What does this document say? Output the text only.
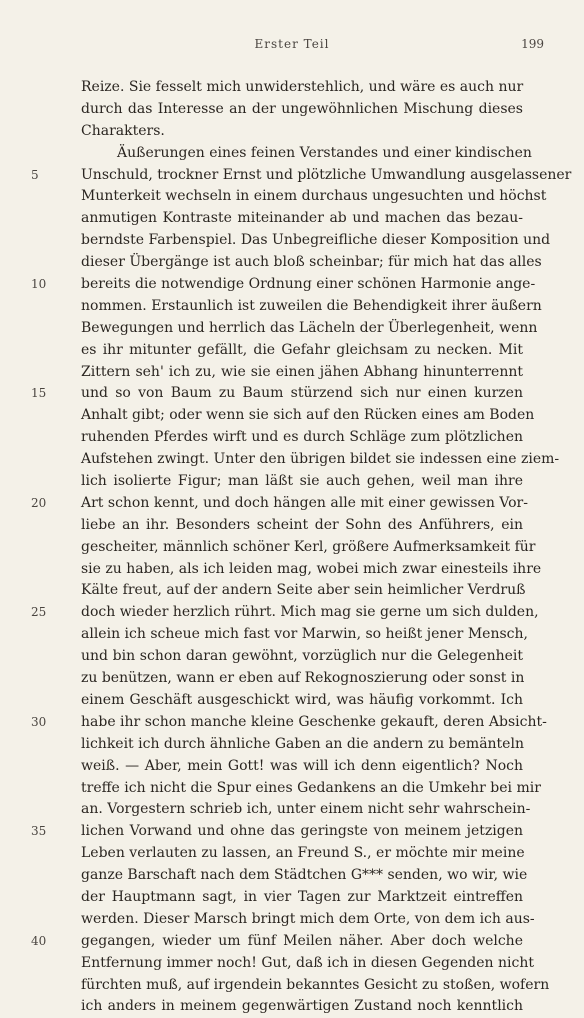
Erster Teil	199
Reize. Sie fesselt mich unwiderstehlich, und wäre es auch nur
durch das Interesse an der ungewöhnlichen Mischung dieses
Charakters.
Äußerungen eines feinen Verstandes und einer kindischen
5	Unschuld, trockner Ernst und plötzliche Umwandlung ausgelassener
Munterkeit wechseln in einem durchaus ungesuchten und höchst
anmutigen Kontraste miteinander ab und machen das bezau-
berndste Farbenspiel. Das Unbegreifliche dieser Komposition und
dieser Übergänge ist auch bloß scheinbar; für mich hat das alles
10 bereits die notwendige Ordnung einer schönen Harmonie ange-
nommen. Erstaunlich ist zuweilen die Behendigkeit ihrer äußern
Bewegungen und herrlich das Lächeln der Überlegenheit, wenn
es ihr mitunter gefällt, die Gefahr gleichsam zu necken. Mit
Zittern seh' ich zu, wie sie einen jähen Abhang hinunterrennt
15 und so von Baum zu Baum stürzend sich nur einen kurzen
Anhalt gibt; oder wenn sie sich auf den Rücken eines am Boden
ruhenden Pferdes wirft und es durch Schläge zum plötzlichen
Aufstehen zwingt. Unter den übrigen bildet sie indessen eine ziem-
lich isolierte Figur; man läßt sie auch gehen, weil man ihre
20 Art schon kennt, und doch hängen alle mit einer gewissen Vor-
liebe an ihr. Besonders scheint der Sohn des Anführers, ein
gescheiter, männlich schöner Kerl, größere Aufmerksamkeit für
sie zu haben, als ich leiden mag, wobei mich zwar einesteils ihre
Kälte freut, auf der andern Seite aber sein heimlicher Verdruß
25 doch wieder herzlich rührt. Mich mag sie gerne um sich dulden,
allein ich scheue mich fast vor Marwin, so heißt jener Mensch,
und bin schon daran gewöhnt, vorzüglich nur die Gelegenheit
zu benützen, wann er eben auf Rekognoszierung oder sonst in
einem Geschäft ausgeschickt wird, was häufig vorkommt. Ich
30 habe ihr schon manche kleine Geschenke gekauft, deren Absicht-
lichkeit ich durch ähnliche Gaben an die andern zu bemänteln
weiß. — Aber, mein Gott! was will ich denn eigentlich? Noch
treffe ich nicht die Spur eines Gedankens an die Umkehr bei mir
an. Vorgestern schrieb ich, unter einem nicht sehr wahrschein-
35 lichen Vorwand und ohne das geringste von meinem jetzigen
Leben verlauten zu lassen, an Freund S., er möchte mir meine
ganze Barschaft nach dem Städtchen G*** senden, wo wir, wie
der Hauptmann sagt, in vier Tagen zur Marktzeit eintreffen
werden. Dieser Marsch bringt mich dem Orte, von dem ich aus-
40 gegangen, wieder um fünf Meilen näher. Aber doch welche
Entfernung immer noch! Gut, daß ich in diesen Gegenden nicht
fürchten muß, auf irgendein bekanntes Gesicht zu stoßen, wofern
ich anders in meinem gegenwärtigen Zustand noch kenntlich
